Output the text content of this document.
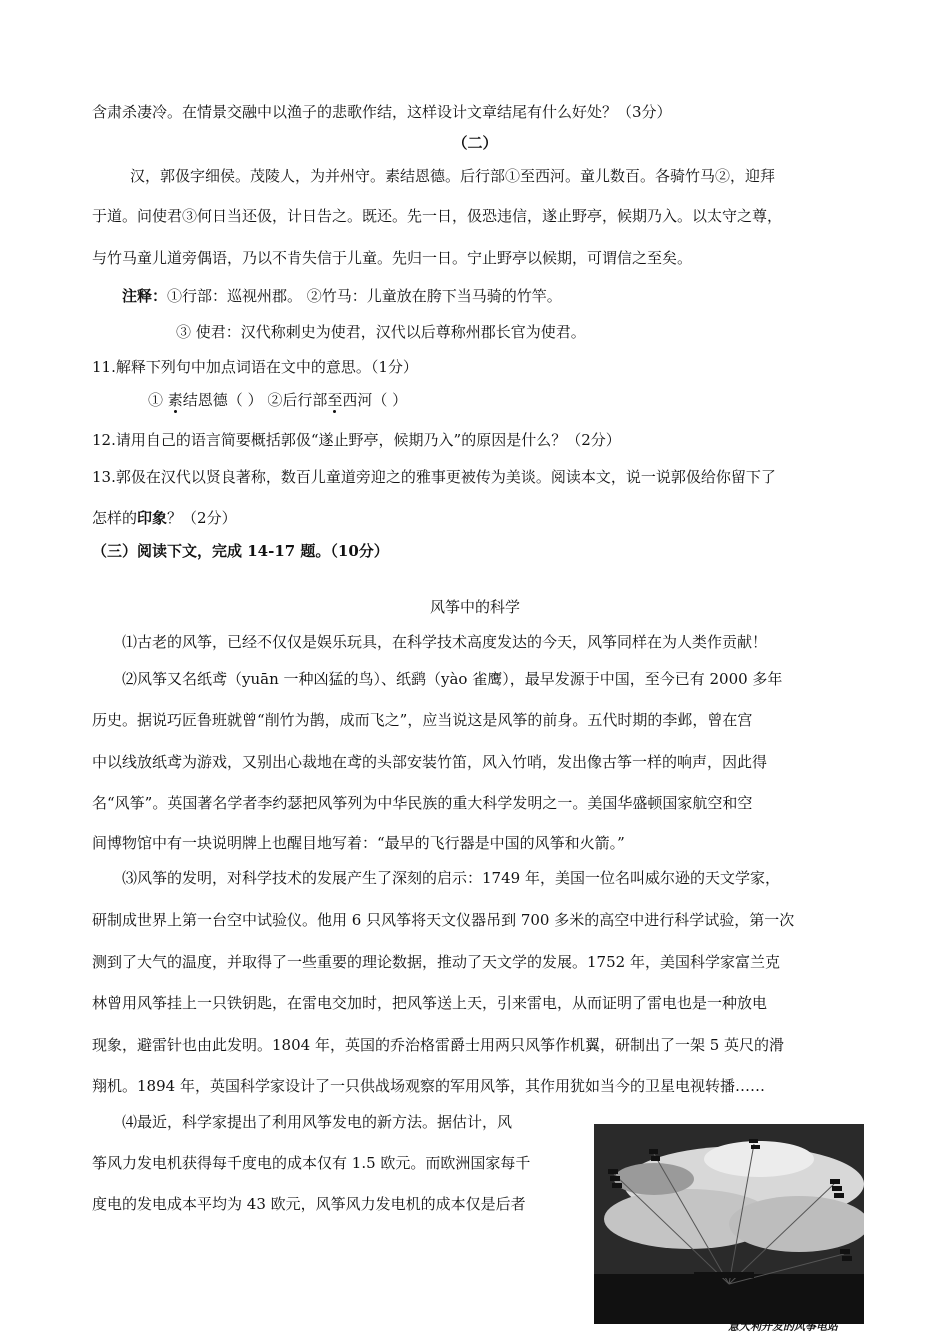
含肃杀凄冷。在情景交融中以渔子的悲歌作结，这样设计文章结尾有什么好处？（3分）
（二）
汉，郭伋字细侯。茂陵人，为并州守。素结恩德。后行部①至西河。童儿数百。各骑竹马②，迎拜
于道。问使君③何日当还伋，计日告之。既还。先一日，伋恐违信，遂止野亭，候期乃入。以太守之尊，
与竹马童儿道旁偶语，乃以不肯失信于儿童。先归一日。宁止野亭以候期，可谓信之至矣。
注释：①行部：巡视州郡。 ②竹马：儿童放在胯下当马骑的竹竿。
③ 使君：汉代称刺史为使君，汉代以后尊称州郡长官为使君。
11.解释下列句中加点词语在文中的意思。（1分）
① 素结恩德（ ） ②后行部至西河（ ）
12.请用自己的语言简要概括郭伋“遂止野亭，候期乃入”的原因是什么？（2分）
13.郭伋在汉代以贤良著称，数百儿童道旁迎之的雅事更被传为美谈。阅读本文，说一说郭伋给你留下了
怎样的印象？（2分）
（三）阅读下文，完成 14-17 题。（10分）
风筝中的科学
⑴古老的风筝，已经不仅仅是娱乐玩具，在科学技术高度发达的今天，风筝同样在为人类作贡献！
⑵风筝又名纸鸢（yuān 一种凶猛的鸟）、纸鹞（yào 雀鹰），最早发源于中国，至今已有 2000 多年
历史。据说巧匠鲁班就曾“削竹为鹊，成而飞之”，应当说这是风筝的前身。五代时期的李邺，曾在宫
中以线放纸鸢为游戏，又别出心裁地在鸢的头部安装竹笛，风入竹哨，发出像古筝一样的响声，因此得
名“风筝”。英国著名学者李约瑟把风筝列为中华民族的重大科学发明之一。美国华盛顿国家航空和空
间博物馆中有一块说明牌上也醒目地写着：“最早的飞行器是中国的风筝和火箭。”
⑶风筝的发明，对科学技术的发展产生了深刻的启示：1749 年，美国一位名叫威尔逊的天文学家，
研制成世界上第一台空中试验仪。他用 6 只风筝将天文仪器吊到 700 多米的高空中进行科学试验，第一次
测到了大气的温度，并取得了一些重要的理论数据，推动了天文学的发展。1752 年，美国科学家富兰克
林曾用风筝挂上一只铁钥匙，在雷电交加时，把风筝送上天，引来雷电，从而证明了雷电也是一种放电
现象，避雷针也由此发明。1804 年，英国的乔治格雷爵士用两只风筝作机翼，研制出了一架 5 英尺的滑
翔机。1894 年，英国科学家设计了一只供战场观察的军用风筝，其作用犹如当今的卫星电视转播……
⑷最近，科学家提出了利用风筝发电的新方法。据估计，风
筝风力发电机获得每千度电的成本仅有 1.5 欧元。而欧洲国家每千
度电的发电成本平均为 43 欧元，风筝风力发电机的成本仅是后者
意大利开发的风筝电站
